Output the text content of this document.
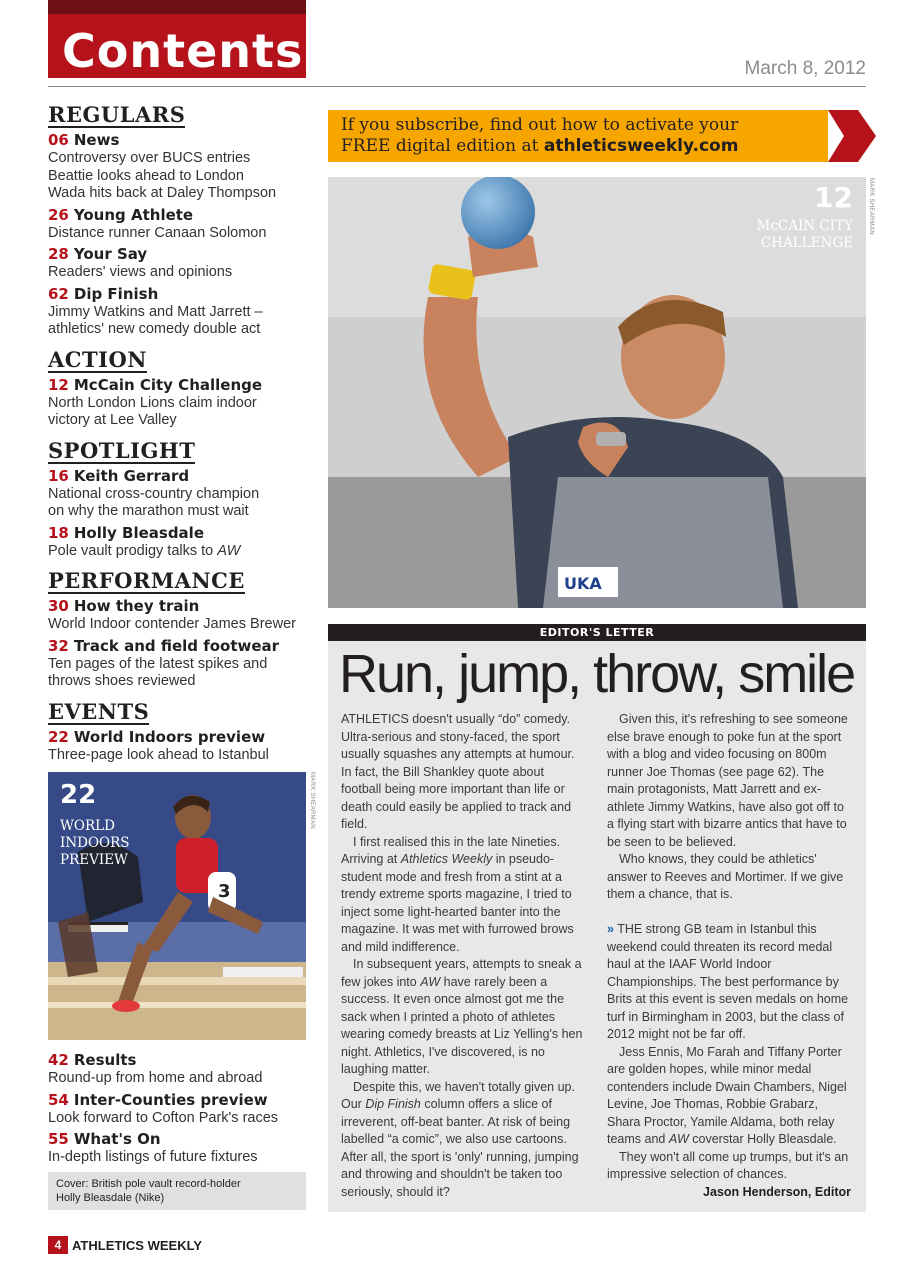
Contents	March 8, 2012
REGULARS
06 News
Controversy over BUCS entries
Beattie looks ahead to London
Wada hits back at Daley Thompson
26 Young Athlete
Distance runner Canaan Solomon
28 Your Say
Readers' views and opinions
62 Dip Finish
Jimmy Watkins and Matt Jarrett –
athletics' new comedy double act
ACTION
12 McCain City Challenge
North London Lions claim indoor
victory at Lee Valley
SPOTLIGHT
16 Keith Gerrard
National cross-country champion
on why the marathon must wait
18 Holly Bleasdale
Pole vault prodigy talks to AW
PERFORMANCE
30 How they train
World Indoor contender James Brewer
32 Track and field footwear
Ten pages of the latest spikes and
throws shoes reviewed
EVENTS
22 World Indoors preview
Three-page look ahead to Istanbul
3
22
WORLD
INDOORS
PREVIEW
MARK SHEARMAN
42 Results
Round-up from home and abroad
54 Inter-Counties preview
Look forward to Cofton Park's races
55 What's On
In-depth listings of future fixtures
Cover: British pole vault record-holder
Holly Bleasdale (Nike)
4 ATHLETICS WEEKLY
If you subscribe, find out how to activate your
FREE digital edition at athleticsweekly.com
UKA
12
McCAIN CITY
CHALLENGE
MARK SHEARMAN
EDITOR'S LETTER
Run, jump, throw, smile

ATHLETICS doesn't usually “do” comedy. Ultra-serious and stony-faced, the sport usually squashes any attempts at humour. In fact, the Bill Shankley quote about football being more important than life or death could easily be applied to track and field.

I first realised this in the late Nineties. Arriving at Athletics Weekly in pseudo-student mode and fresh from a stint at a trendy extreme sports magazine, I tried to inject some light-hearted banter into the magazine. It was met with furrowed brows and mild indifference.

In subsequent years, attempts to sneak a few jokes into AW have rarely been a success. It even once almost got me the sack when I printed a photo of athletes wearing comedy breasts at Liz Yelling's hen night. Athletics, I've discovered, is no laughing matter.

Despite this, we haven't totally given up. Our Dip Finish column offers a slice of irreverent, off-beat banter. At risk of being labelled “a comic”, we also use cartoons. After all, the sport is 'only' running, jumping and throwing and shouldn't be taken too seriously, should it?

Given this, it's refreshing to see someone else brave enough to poke fun at the sport with a blog and video focusing on 800m runner Joe Thomas (see page 62). The main protagonists, Matt Jarrett and ex-athlete Jimmy Watkins, have also got off to a flying start with bizarre antics that have to be seen to be believed.

Who knows, they could be athletics' answer to Reeves and Mortimer. If we give them a chance, that is.

» THE strong GB team in Istanbul this weekend could threaten its record medal haul at the IAAF World Indoor Championships. The best performance by Brits at this event is seven medals on home turf in Birmingham in 2003, but the class of 2012 might not be far off.

Jess Ennis, Mo Farah and Tiffany Porter are golden hopes, while minor medal contenders include Dwain Chambers, Nigel Levine, Joe Thomas, Robbie Grabarz, Shara Proctor, Yamile Aldama, both relay teams and AW coverstar Holly Bleasdale.

They won't all come up trumps, but it's an impressive selection of chances.

Jason Henderson, Editor
